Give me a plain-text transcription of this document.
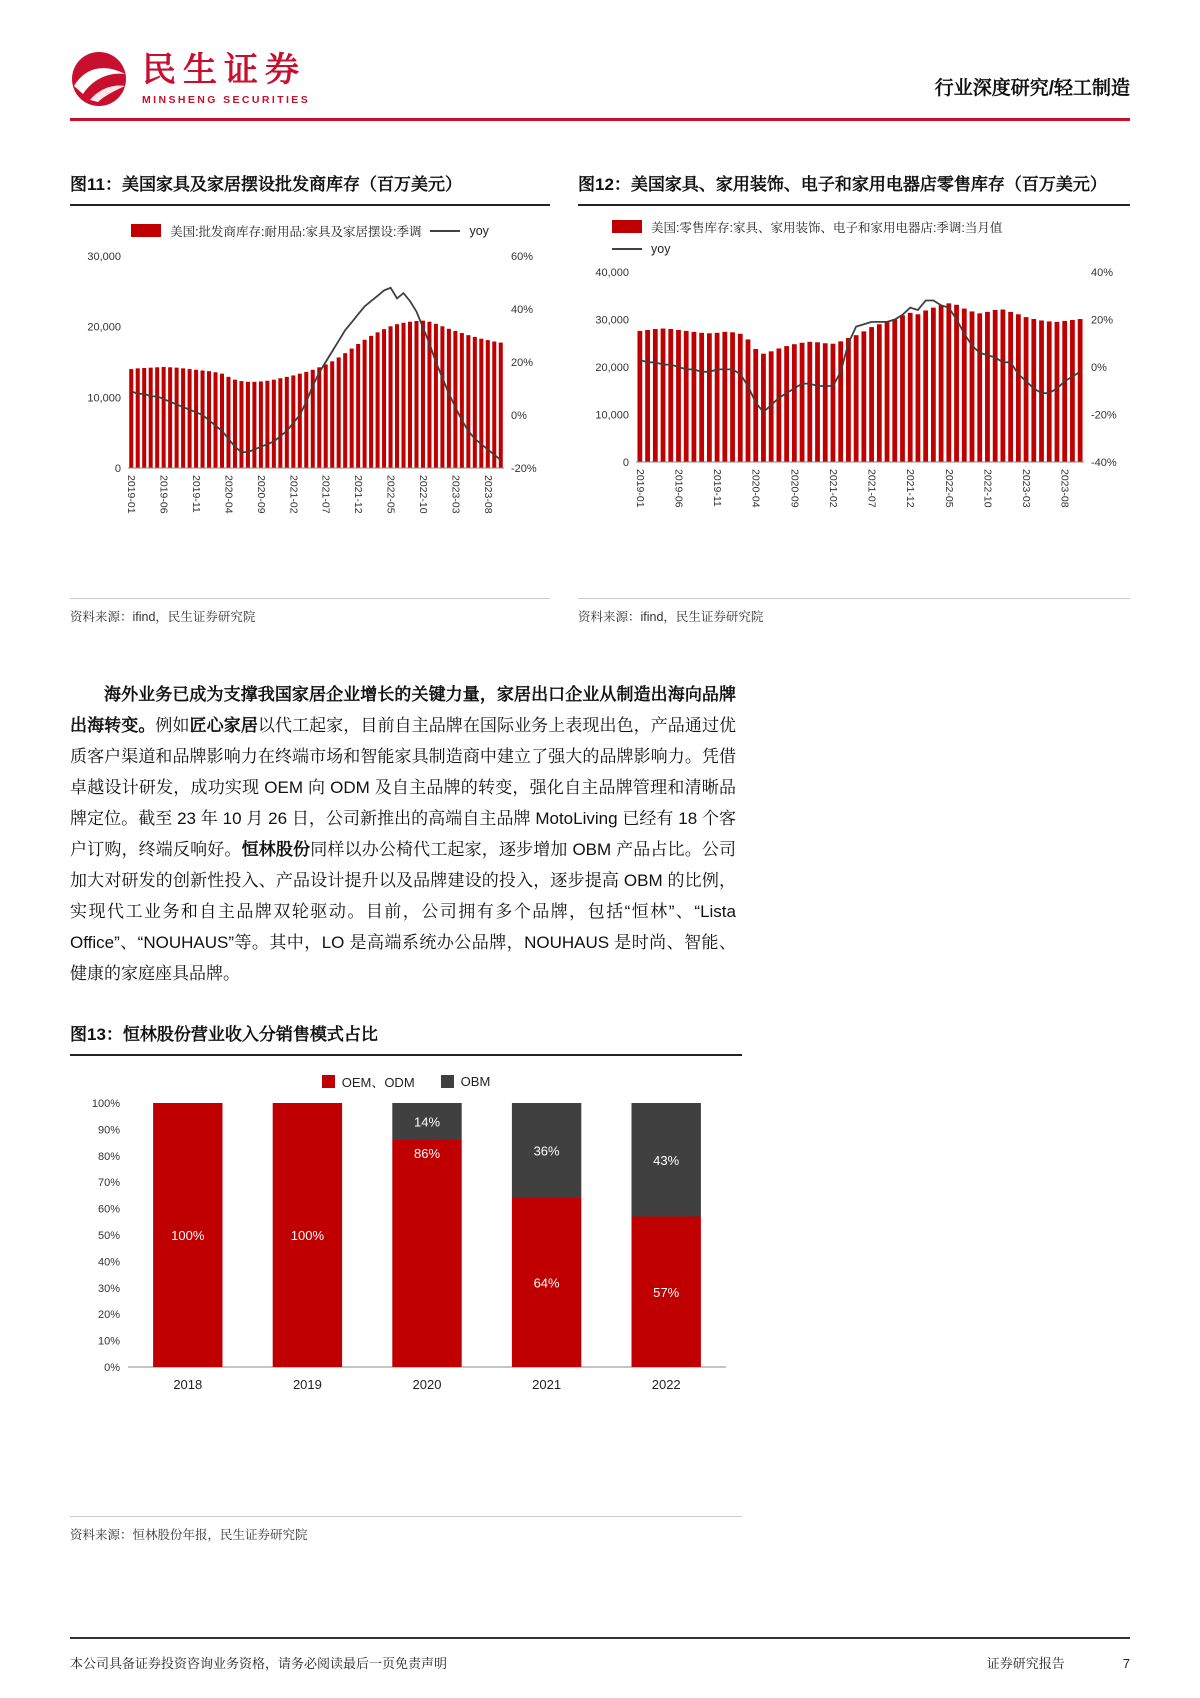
民生证券
MINSHENG SECURITIES
行业深度研究/轻工制造
图11：美国家具及家居摆设批发商库存（百万美元）
美国:批发商库存:耐用品:家具及家居摆设:季调	yoy
0
10,000
20,000
30,000
-20%
0%
20%
40%
60%
2019-01 2019-06 2019-11 2020-04 2020-09 2021-02 2021-07 2021-12 2022-05 2022-10 2023-03 2023-08
资料来源：ifind，民生证券研究院
图12：美国家具、家用装饰、电子和家用电器店零售库存（百万美元）
美国:零售库存:家具、家用装饰、电子和家用电器店:季调:当月值
yoy
0
10,000
20,000
30,000
40,000
-40%
-20%
0%
20%
40%
2019-01	2019-06	2019-11	2020-04	2020-09	2021-02	2021-07	2021-12	2022-05	2022-10	2023-03	2023-08
资料来源：ifind，民生证券研究院
海外业务已成为支撑我国家居企业增长的关键力量，家居出口企业从制造出海向品牌出海转变。例如匠心家居以代工起家，目前自主品牌在国际业务上表现出色，产品通过优质客户渠道和品牌影响力在终端市场和智能家具制造商中建立了强大的品牌影响力。凭借卓越设计研发，成功实现 OEM 向 ODM 及自主品牌的转变，强化自主品牌管理和清晰品牌定位。截至 23 年 10 月 26 日，公司新推出的高端自主品牌 MotoLiving 已经有 18 个客户订购，终端反响好。恒林股份同样以办公椅代工起家，逐步增加 OBM 产品占比。公司加大对研发的创新性投入、产品设计提升以及品牌建设的投入，逐步提高 OBM 的比例，实现代工业务和自主品牌双轮驱动。目前，公司拥有多个品牌，包括“恒林”、“Lista Office”、“NOUHAUS”等。其中，LO 是高端系统办公品牌，NOUHAUS 是时尚、智能、健康的家庭座具品牌。
图13：恒林股份营业收入分销售模式占比
OEM、ODM	OBM
0%
10%
20%
30%
40%
50%
60%
70%
80%
90%
100%
100%
2018
100%
2019
86%
14%
2020
64%
36%
2021
57%
43%
2022
资料来源：恒林股份年报，民生证券研究院
本公司具备证券投资咨询业务资格，请务必阅读最后一页免责声明	证券研究报告	7
